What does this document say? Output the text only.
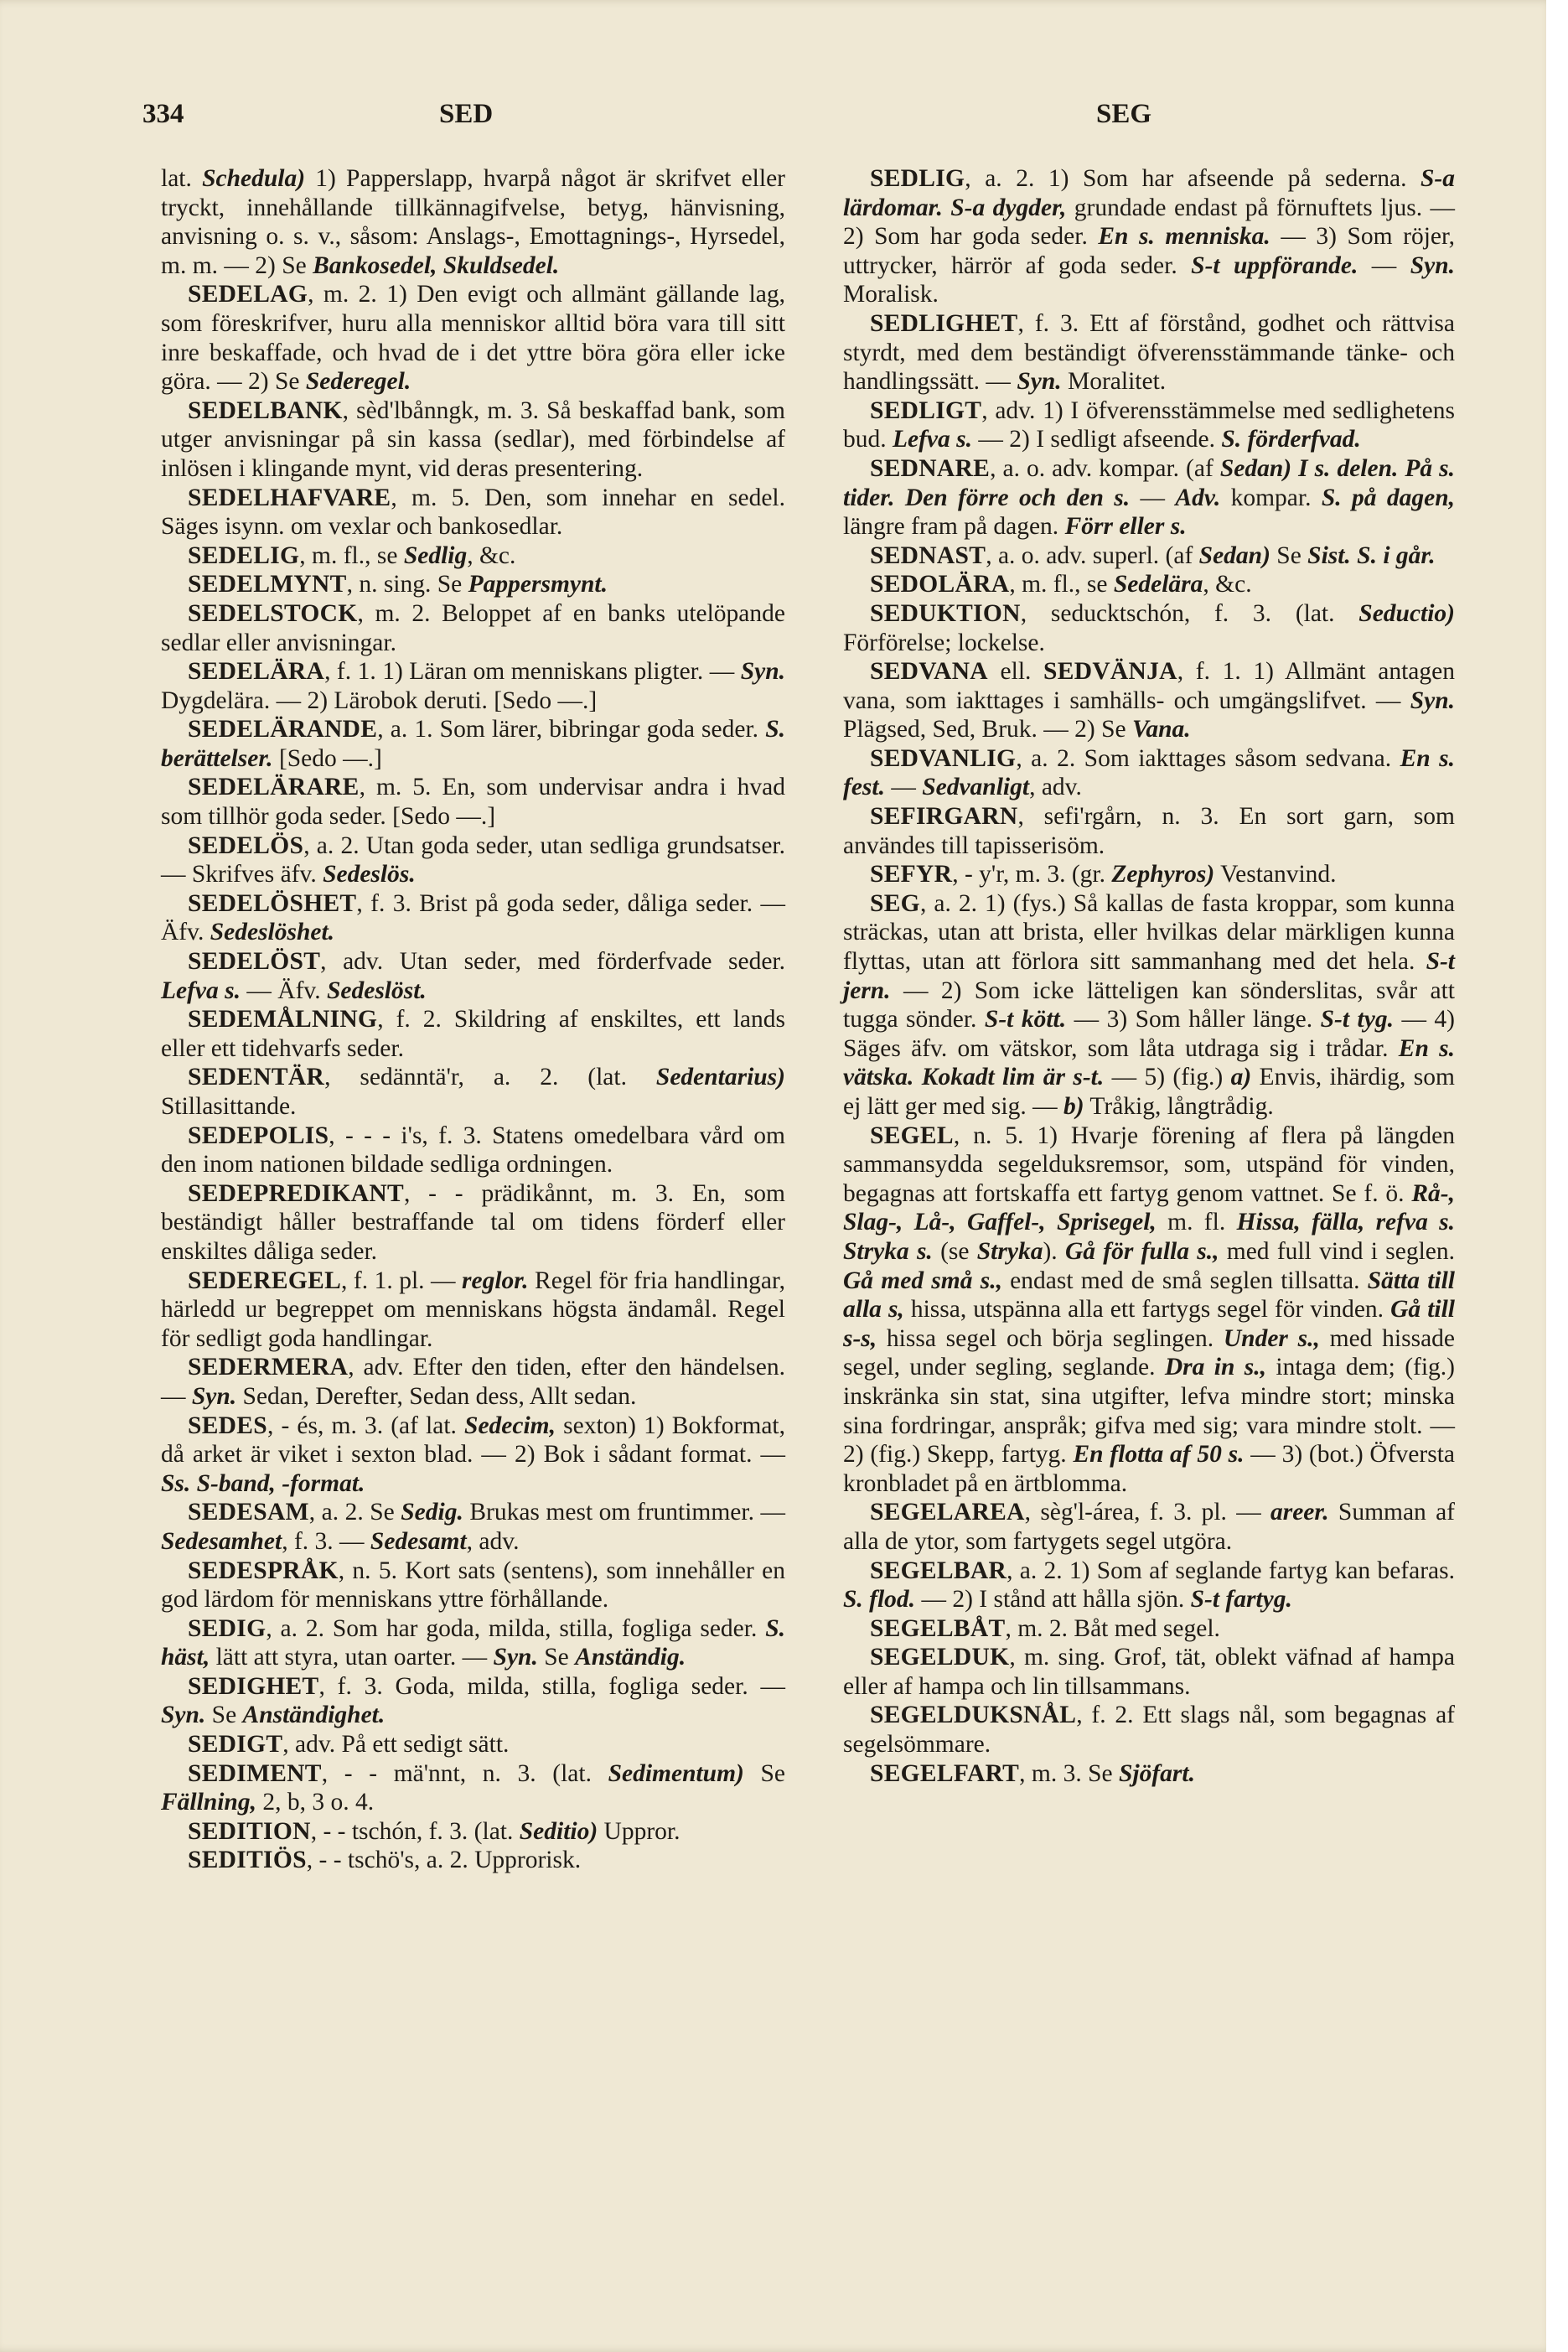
334	SED	SEG

lat. Schedula) 1) Papperslapp, hvarpå något är skrifvet eller tryckt, innehållande tillkännagifvelse, betyg, hänvisning, anvisning o. s. v., såsom: Anslags-, Emottagnings-, Hyrsedel, m. m. — 2) Se Bankosedel, Skuldsedel.

SEDELAG, m. 2. 1) Den evigt och allmänt gällande lag, som föreskrifver, huru alla menniskor alltid böra vara till sitt inre beskaffade, och hvad de i det yttre böra göra eller icke göra. — 2) Se Sederegel.

SEDELBANK, sèd'lbånngk, m. 3. Så beskaffad bank, som utger anvisningar på sin kassa (sedlar), med förbindelse af inlösen i klingande mynt, vid deras presentering.

SEDELHAFVARE, m. 5. Den, som innehar en sedel. Säges isynn. om vexlar och bankosedlar.

SEDELIG, m. fl., se Sedlig, &c.

SEDELMYNT, n. sing. Se Pappersmynt.

SEDELSTOCK, m. 2. Beloppet af en banks utelöpande sedlar eller anvisningar.

SEDELÄRA, f. 1. 1) Läran om menniskans pligter. — Syn. Dygdelära. — 2) Lärobok deruti. [Sedo —.]

SEDELÄRANDE, a. 1. Som lärer, bibringar goda seder. S. berättelser. [Sedo —.]

SEDELÄRARE, m. 5. En, som undervisar andra i hvad som tillhör goda seder. [Sedo —.]

SEDELÖS, a. 2. Utan goda seder, utan sedliga grundsatser. — Skrifves äfv. Sedeslös.

SEDELÖSHET, f. 3. Brist på goda seder, dåliga seder. — Äfv. Sedeslöshet.

SEDELÖST, adv. Utan seder, med förderfvade seder. Lefva s. — Äfv. Sedeslöst.

SEDEMÅLNING, f. 2. Skildring af enskiltes, ett lands eller ett tidehvarfs seder.

SEDENTÄR, sedänntä'r, a. 2. (lat. Sedentarius) Stillasittande.

SEDEPOLIS, - - - i's, f. 3. Statens omedelbara vård om den inom nationen bildade sedliga ordningen.

SEDEPREDIKANT, - - prädikånnt, m. 3. En, som beständigt håller bestraffande tal om tidens förderf eller enskiltes dåliga seder.

SEDEREGEL, f. 1. pl. — reglor. Regel för fria handlingar, härledd ur begreppet om menniskans högsta ändamål. Regel för sedligt goda handlingar.

SEDERMERA, adv. Efter den tiden, efter den händelsen. — Syn. Sedan, Derefter, Sedan dess, Allt sedan.

SEDES, - és, m. 3. (af lat. Sedecim, sexton) 1) Bokformat, då arket är viket i sexton blad. — 2) Bok i sådant format. — Ss. S-band, -format.

SEDESAM, a. 2. Se Sedig. Brukas mest om fruntimmer. — Sedesamhet, f. 3. — Sedesamt, adv.

SEDESPRÅK, n. 5. Kort sats (sentens), som innehåller en god lärdom för menniskans yttre förhållande.

SEDIG, a. 2. Som har goda, milda, stilla, fogliga seder. S. häst, lätt att styra, utan oarter. — Syn. Se Anständig.

SEDIGHET, f. 3. Goda, milda, stilla, fogliga seder. — Syn. Se Anständighet.

SEDIGT, adv. På ett sedigt sätt.

SEDIMENT, - - mä'nnt, n. 3. (lat. Sedimentum) Se Fällning, 2, b, 3 o. 4.

SEDITION, - - tschón, f. 3. (lat. Seditio) Uppror.

SEDITIÖS, - - tschö's, a. 2. Upprorisk.

SEDLIG, a. 2. 1) Som har afseende på sederna. S-a lärdomar. S-a dygder, grundade endast på förnuftets ljus. — 2) Som har goda seder. En s. menniska. — 3) Som röjer, uttrycker, härrör af goda seder. S-t uppförande. — Syn. Moralisk.

SEDLIGHET, f. 3. Ett af förstånd, godhet och rättvisa styrdt, med dem beständigt öfverensstämmande tänke- och handlingssätt. — Syn. Moralitet.

SEDLIGT, adv. 1) I öfverensstämmelse med sedlighetens bud. Lefva s. — 2) I sedligt afseende. S. förderfvad.

SEDNARE, a. o. adv. kompar. (af Sedan) I s. delen. På s. tider. Den förre och den s. — Adv. kompar. S. på dagen, längre fram på dagen. Förr eller s.

SEDNAST, a. o. adv. superl. (af Sedan) Se Sist. S. i går.

SEDOLÄRA, m. fl., se Sedelära, &c.

SEDUKTION, seducktschón, f. 3. (lat. Seductio) Förförelse; lockelse.

SEDVANA ell. SEDVÄNJA, f. 1. 1) Allmänt antagen vana, som iakttages i samhälls- och umgängslifvet. — Syn. Plägsed, Sed, Bruk. — 2) Se Vana.

SEDVANLIG, a. 2. Som iakttages såsom sedvana. En s. fest. — Sedvanligt, adv.

SEFIRGARN, sefi'rgårn, n. 3. En sort garn, som användes till tapisserisöm.

SEFYR, - y'r, m. 3. (gr. Zephyros) Vestanvind.

SEG, a. 2. 1) (fys.) Så kallas de fasta kroppar, som kunna sträckas, utan att brista, eller hvilkas delar märkligen kunna flyttas, utan att förlora sitt sammanhang med det hela. S-t jern. — 2) Som icke lätteligen kan sönderslitas, svår att tugga sönder. S-t kött. — 3) Som håller länge. S-t tyg. — 4) Säges äfv. om vätskor, som låta utdraga sig i trådar. En s. vätska. Kokadt lim är s-t. — 5) (fig.) a) Envis, ihärdig, som ej lätt ger med sig. — b) Tråkig, långtrådig.

SEGEL, n. 5. 1) Hvarje förening af flera på längden sammansydda segelduksremsor, som, utspänd för vinden, begagnas att fortskaffa ett fartyg genom vattnet. Se f. ö. Rå-, Slag-, Lå-, Gaffel-, Sprisegel, m. fl. Hissa, fälla, refva s. Stryka s. (se Stryka). Gå för fulla s., med full vind i seglen. Gå med små s., endast med de små seglen tillsatta. Sätta till alla s, hissa, utspänna alla ett fartygs segel för vinden. Gå till s-s, hissa segel och börja seglingen. Under s., med hissade segel, under segling, seglande. Dra in s., intaga dem; (fig.) inskränka sin stat, sina utgifter, lefva mindre stort; minska sina fordringar, anspråk; gifva med sig; vara mindre stolt. — 2) (fig.) Skepp, fartyg. En flotta af 50 s. — 3) (bot.) Öfversta kronbladet på en ärtblomma.

SEGELAREA, sèg'l-área, f. 3. pl. — areer. Summan af alla de ytor, som fartygets segel utgöra.

SEGELBAR, a. 2. 1) Som af seglande fartyg kan befaras. S. flod. — 2) I stånd att hålla sjön. S-t fartyg.

SEGELBÅT, m. 2. Båt med segel.

SEGELDUK, m. sing. Grof, tät, oblekt väfnad af hampa eller af hampa och lin tillsammans.

SEGELDUKSNÅL, f. 2. Ett slags nål, som begagnas af segelsömmare.

SEGELFART, m. 3. Se Sjöfart.
